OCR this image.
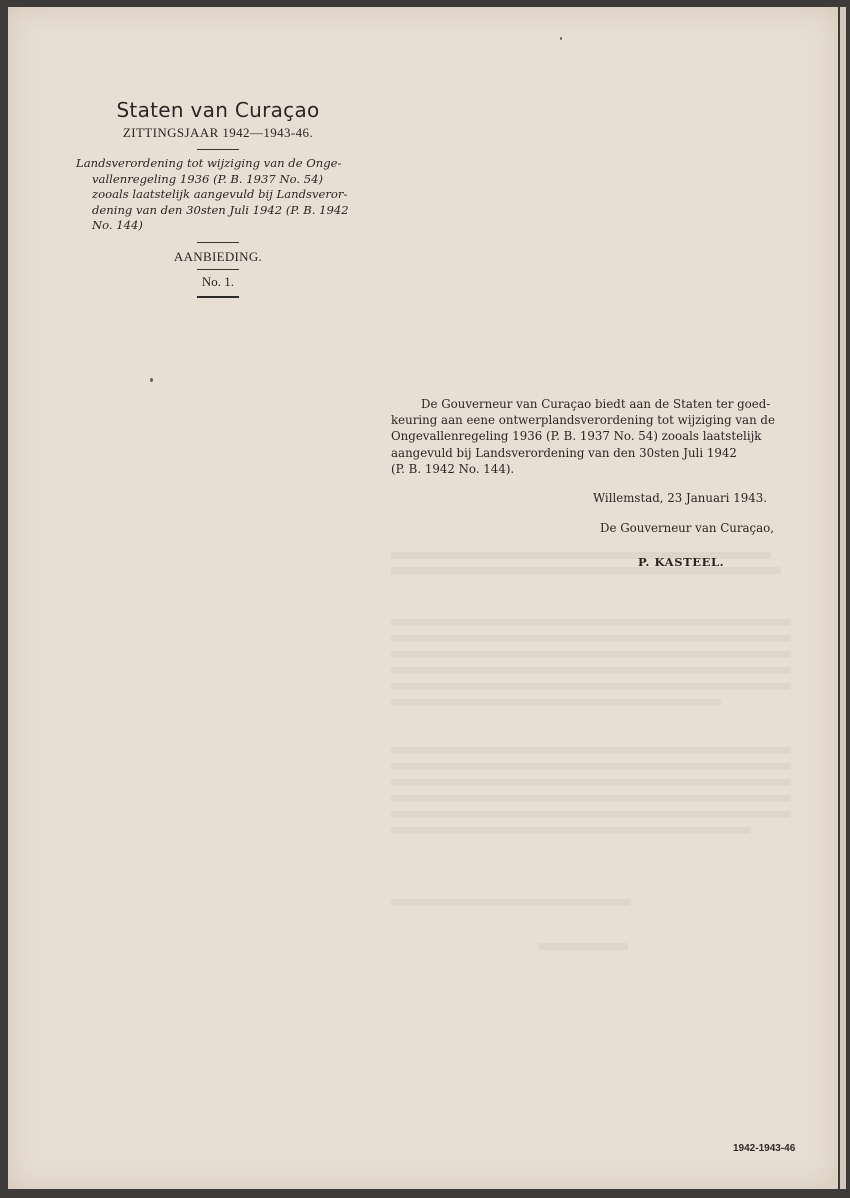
Staten van Curaçao
ZITTINGSJAAR 1942—1943-46.
Landsverordening tot wijziging van de Onge-
vallenregeling 1936 (P. B. 1937 No. 54)
zooals laatstelijk aangevuld bij Landsveror-
dening van den 30sten Juli 1942 (P. B. 1942
No. 144)
AANBIEDING.
No. 1.

De Gouverneur van Curaçao biedt aan de Staten ter goed-
keuring aan eene ontwerplandsverordening tot wijziging van de
Ongevallenregeling 1936 (P. B. 1937 No. 54) zooals laatstelijk
aangevuld bij Landsverordening van den 30sten Juli 1942
(P. B. 1942 No. 144).

Willemstad, 23 Januari 1943.
De Gouverneur van Curaçao,
P. KASTEEL.
1942-1943-46
